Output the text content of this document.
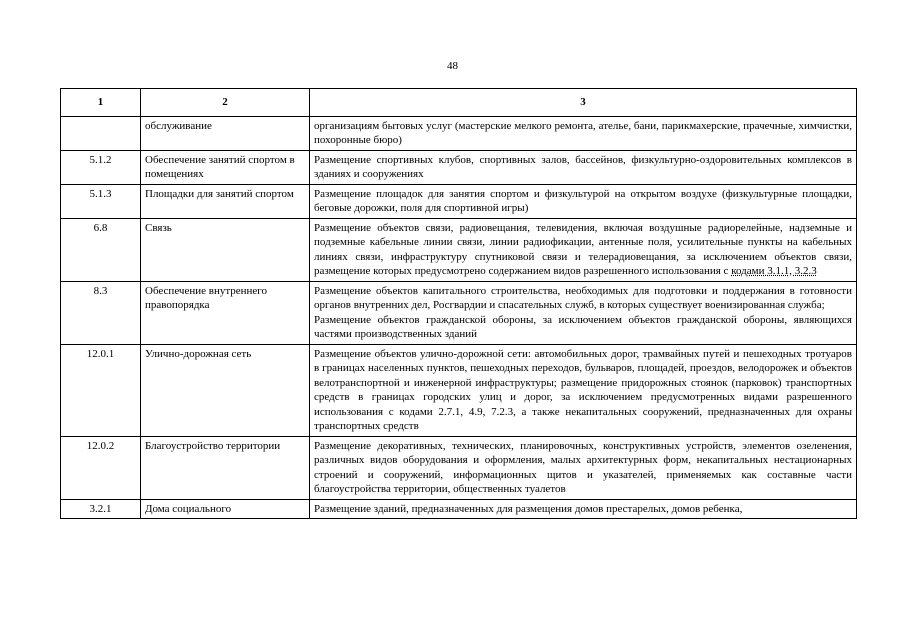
48
1	2	3
	обслуживание	организациям бытовых услуг (мастерские мелкого ремонта, ателье, бани, парикмахерские, прачечные, химчистки, похоронные бюро)

5.1.2	Обеспечение занятий спортом в помещениях	Размещение спортивных клубов, спортивных залов, бассейнов, физкультурно-оздоровительных комплексов в зданиях и сооружениях

5.1.3	Площадки для занятий спортом	Размещение площадок для занятия спортом и физкультурой на открытом воздухе (физкультурные площадки, беговые дорожки, поля для спортивной игры)

6.8	Связь	Размещение объектов связи, радиовещания, телевидения, включая воздушные радиорелейные, надземные и подземные кабельные линии связи, линии радиофикации, антенные поля, усилительные пункты на кабельных линиях связи, инфраструктуру спутниковой связи и телерадиовещания, за исключением объектов связи, размещение которых предусмотрено содержанием видов разрешенного использования с кодами 3.1.1, 3.2.3

8.3	Обеспечение внутреннего правопорядка	Размещение объектов капитального строительства, необходимых для подготовки и поддержания в готовности органов внутренних дел, Росгвардии и спасательных служб, в которых существует военизированная служба;

Размещение объектов гражданской обороны, за исключением объектов гражданской обороны, являющихся частями производственных зданий

12.0.1	Улично-дорожная сеть	Размещение объектов улично-дорожной сети: автомобильных дорог, трамвайных путей и пешеходных тротуаров в границах населенных пунктов, пешеходных переходов, бульваров, площадей, проездов, велодорожек и объектов велотранспортной и инженерной инфраструктуры; размещение придорожных стоянок (парковок) транспортных средств в границах городских улиц и дорог, за исключением предусмотренных видами разрешенного использования с кодами 2.7.1, 4.9, 7.2.3, а также некапитальных сооружений, предназначенных для охраны транспортных средств

12.0.2	Благоустройство территории	Размещение декоративных, технических, планировочных, конструктивных устройств, элементов озеленения, различных видов оборудования и оформления, малых архитектурных форм, некапитальных нестационарных строений и сооружений, информационных щитов и указателей, применяемых как составные части благоустройства территории, общественных туалетов

3.2.1	Дома социального	Размещение зданий, предназначенных для размещения домов престарелых, домов ребенка,
